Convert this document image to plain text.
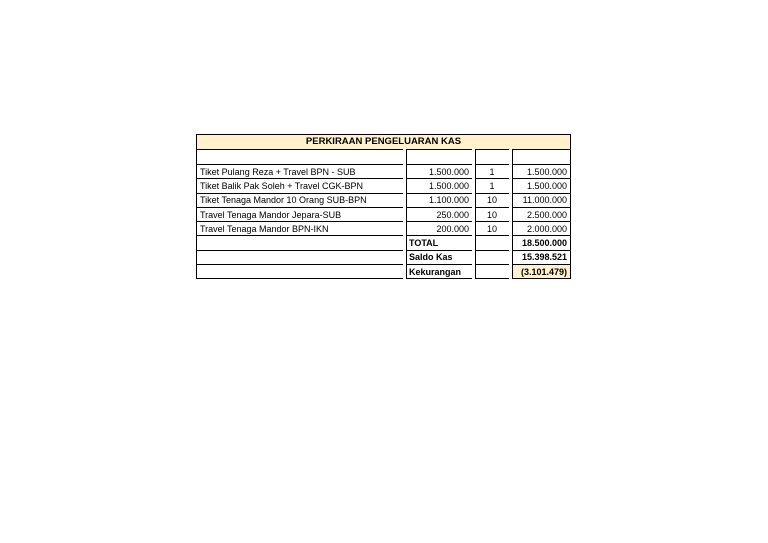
PERKIRAAN PENGELUARAN KAS			

Tiket Pulang Reza + Travel BPN - SUB	1.500.000	1	1.500.000
Tiket Balik Pak Soleh + Travel CGK-BPN	1.500.000	1	1.500.000
Tiket Tenaga Mandor 10 Orang SUB-BPN	1.100.000	10	11.000.000
Travel Tenaga Mandor Jepara-SUB	250.000	10	2.500.000
Travel Tenaga Mandor BPN-IKN	200.000	10	2.000.000
	TOTAL		18.500.000
	Saldo Kas		15.398.521
	Kekurangan		(3.101.479)
